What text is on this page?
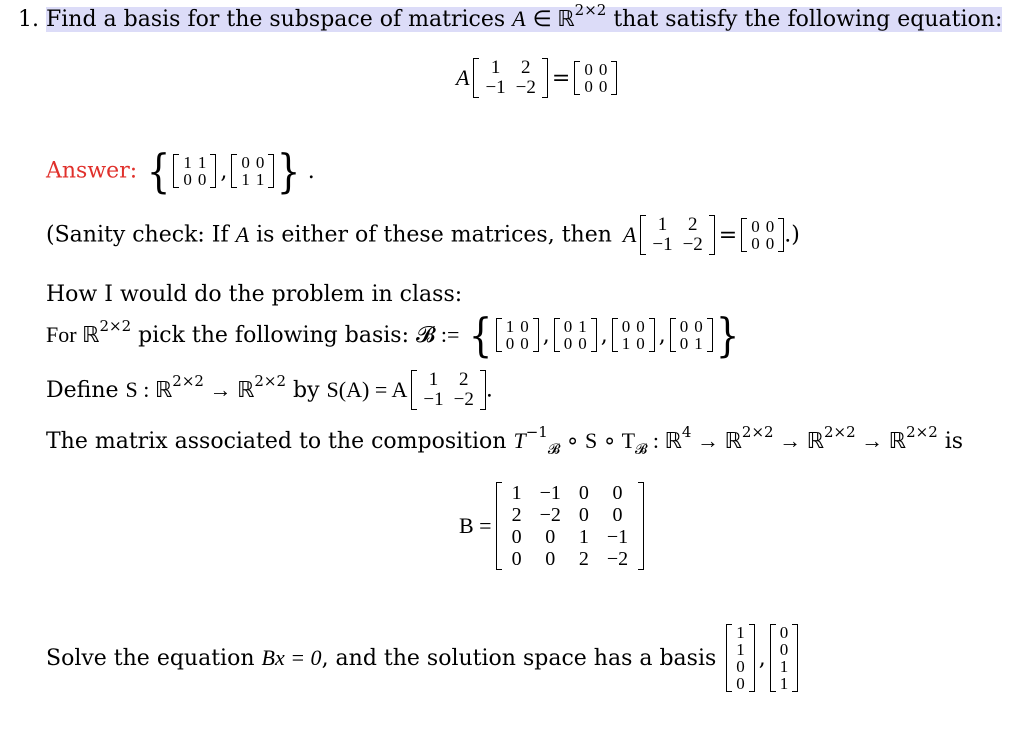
1. Find a basis for the subspace of matrices A ∈ ℝ$^{2\times 2}$ that satisfy the following equation:
A 1	2
−1	−2 = 0	0
0	0
Answer: { 1	1
0	0 , 0	0
1	1 } .
(Sanity check: If A is either of these matrices, then A 1	2
−1	−2 = 0	0
0	0 .)
How I would do the problem in class:
For ℝ$^{2\times 2}$ pick the following basis: 𝓑 := { 1	0
0	0 , 0	1
0	0 , 0	0
1	0 , 0	0
0	1 }
Define S : ℝ$^{2\times 2}$ → ℝ$^{2\times 2}$ by S(A) = A 1	2
−1	−2 .
The matrix associated to the composition $T^{-1}_𝓑$ ∘ S ∘ $T_𝓑$ : ℝ$^4$ → ℝ$^{2\times 2}$ → ℝ$^{2\times 2}$ → ℝ$^{2\times 2}$ is
B =
1	−1	0	0
2	−2	0	0
0	0	1	−1
0	0	2	−2
Solve the equation Bx = 0, and the solution space has a basis
1
1
0
0
,
0
0
1
1
